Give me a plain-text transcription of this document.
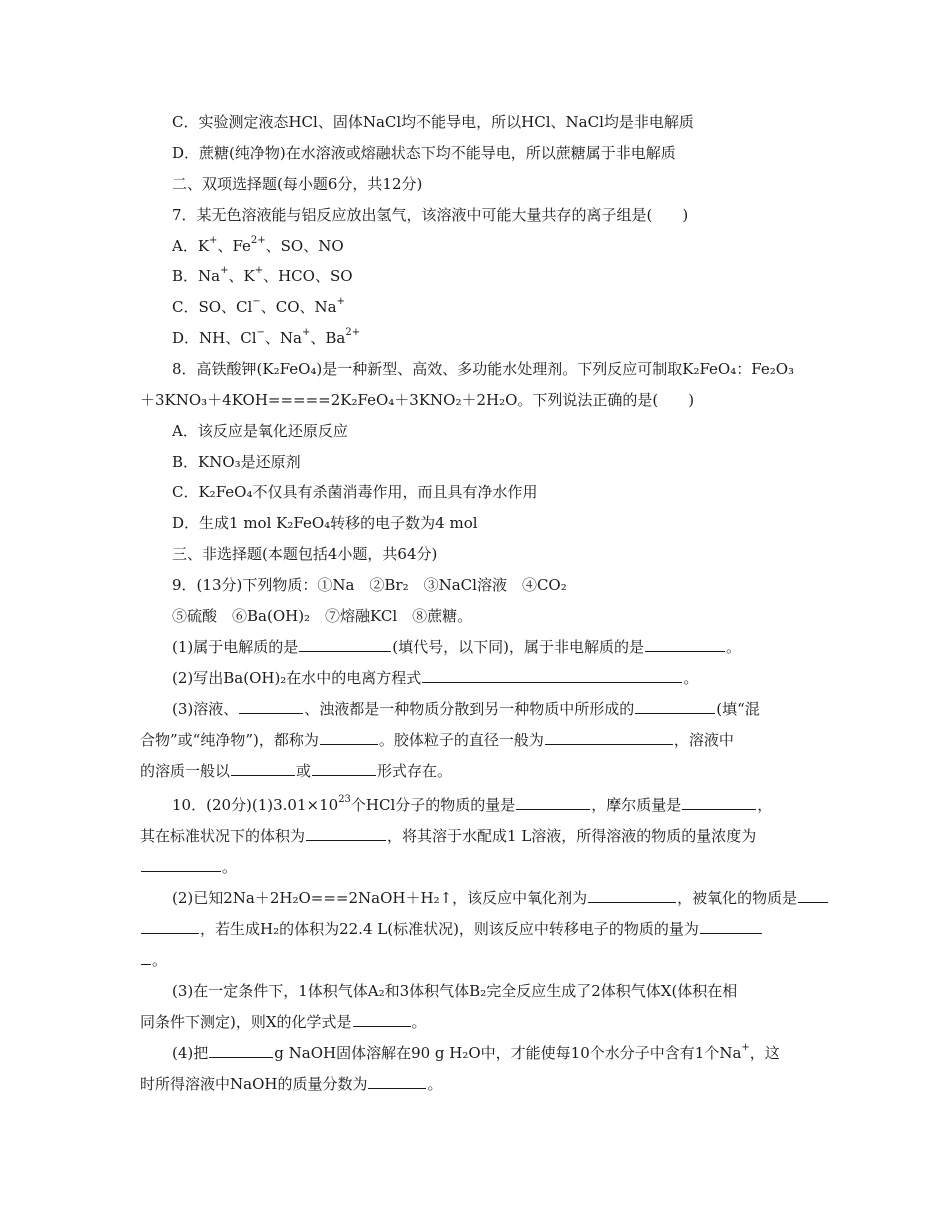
C．实验测定液态HCl、固体NaCl均不能导电，所以HCl、NaCl均是非电解质
D．蔗糖(纯净物)在水溶液或熔融状态下均不能导电，所以蔗糖属于非电解质
二、双项选择题(每小题6分，共12分)
7．某无色溶液能与铝反应放出氢气，该溶液中可能大量共存的离子组是(　　)
A．K+、$Fe^{2+}$、SO、NO
B．Na+、K+、HCO、SO
C．SO、Cl−、CO、Na+
D．NH、Cl−、Na+、$Ba^{2+}$
8．高铁酸钾(K₂FeO₄)是一种新型、高效、多功能水处理剂。下列反应可制取K₂FeO₄：Fe₂O₃
＋3KNO₃＋4KOH=====2K₂FeO₄＋3KNO₂＋2H₂O。下列说法正确的是(　　)
A．该反应是氧化还原反应
B．KNO₃是还原剂
C．K₂FeO₄不仅具有杀菌消毒作用，而且具有净水作用
D．生成1 mol K₂FeO₄转移的电子数为4 mol
三、非选择题(本题包括4小题，共64分)
9．(13分)下列物质：①Na　②Br₂　③NaCl溶液　④CO₂
⑤硫酸　⑥Ba(OH)₂　⑦熔融KCl　⑧蔗糖。
(1)属于电解质的是	(填代号，以下同)，属于非电解质的是	。
(2)写出Ba(OH)₂在水中的电离方程式	。
(3)溶液、	、浊液都是一种物质分散到另一种物质中所形成的	(填“混
合物”或“纯净物”)，都称为	。胶体粒子的直径一般为	，溶液中
的溶质一般以	或	形式存在。
10．(20分)$(1)3.01\times 10^{23}$个HCl分子的物质的量是	，摩尔质量是	，
其在标准状况下的体积为	，将其溶于水配成1 L溶液，所得溶液的物质的量浓度为
。
(2)已知2Na＋2H₂O===2NaOH＋H₂↑，该反应中氧化剂为	，被氧化的物质是
，若生成H₂的体积为22.4 L(标准状况)，则该反应中转移电子的物质的量为
。
(3)在一定条件下，1体积气体A₂和3体积气体B₂完全反应生成了2体积气体X(体积在相
同条件下测定)，则X的化学式是	。
(4)把	g NaOH固体溶解在90 g H₂O中，才能使每10个水分子中含有1个Na+，这
时所得溶液中NaOH的质量分数为	。
